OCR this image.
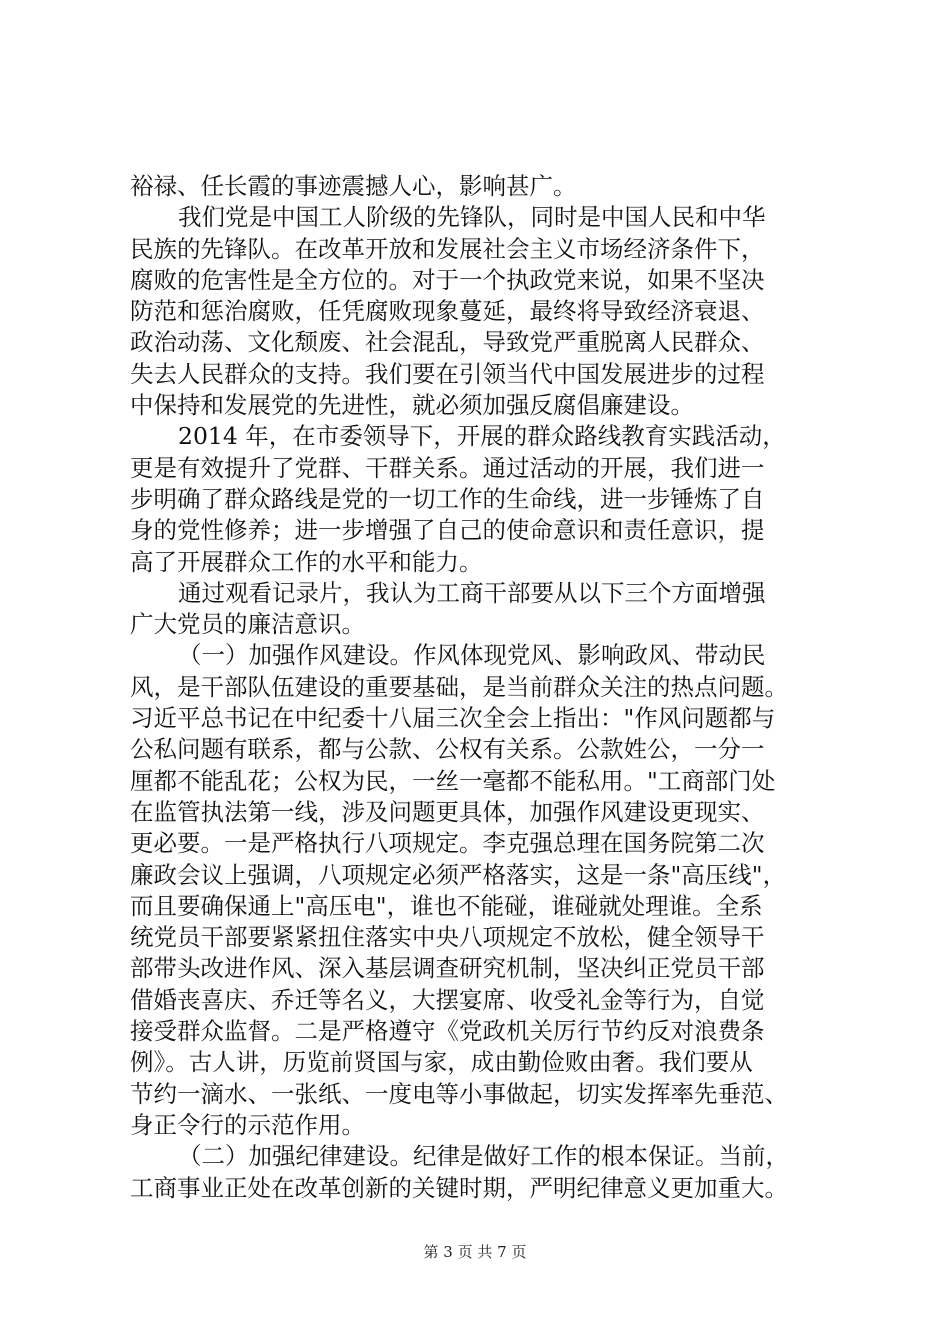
裕禄、任长霞的事迹震撼人心，影响甚广。
我们党是中国工人阶级的先锋队，同时是中国人民和中华
民族的先锋队。在改革开放和发展社会主义市场经济条件下，
腐败的危害性是全方位的。对于一个执政党来说，如果不坚决
防范和惩治腐败，任凭腐败现象蔓延，最终将导致经济衰退、
政治动荡、文化颓废、社会混乱，导致党严重脱离人民群众、
失去人民群众的支持。我们要在引领当代中国发展进步的过程
中保持和发展党的先进性，就必须加强反腐倡廉建设。
2014 年，在市委领导下，开展的群众路线教育实践活动，
更是有效提升了党群、干群关系。通过活动的开展，我们进一
步明确了群众路线是党的一切工作的生命线，进一步锤炼了自
身的党性修养；进一步增强了自己的使命意识和责任意识，提
高了开展群众工作的水平和能力。
通过观看记录片，我认为工商干部要从以下三个方面增强
广大党员的廉洁意识。
（一）加强作风建设。作风体现党风、影响政风、带动民
风，是干部队伍建设的重要基础，是当前群众关注的热点问题。
习近平总书记在中纪委十八届三次全会上指出："作风问题都与
公私问题有联系，都与公款、公权有关系。公款姓公，一分一
厘都不能乱花；公权为民，一丝一毫都不能私用。"工商部门处
在监管执法第一线，涉及问题更具体，加强作风建设更现实、
更必要。一是严格执行八项规定。李克强总理在国务院第二次
廉政会议上强调，八项规定必须严格落实，这是一条"高压线"，
而且要确保通上"高压电"，谁也不能碰，谁碰就处理谁。全系
统党员干部要紧紧扭住落实中央八项规定不放松，健全领导干
部带头改进作风、深入基层调查研究机制，坚决纠正党员干部
借婚丧喜庆、乔迁等名义，大摆宴席、收受礼金等行为，自觉
接受群众监督。二是严格遵守《党政机关厉行节约反对浪费条
例》。古人讲，历览前贤国与家，成由勤俭败由奢。我们要从
节约一滴水、一张纸、一度电等小事做起，切实发挥率先垂范、
身正令行的示范作用。
（二）加强纪律建设。纪律是做好工作的根本保证。当前，
工商事业正处在改革创新的关键时期，严明纪律意义更加重大。
第 3 页 共 7 页
